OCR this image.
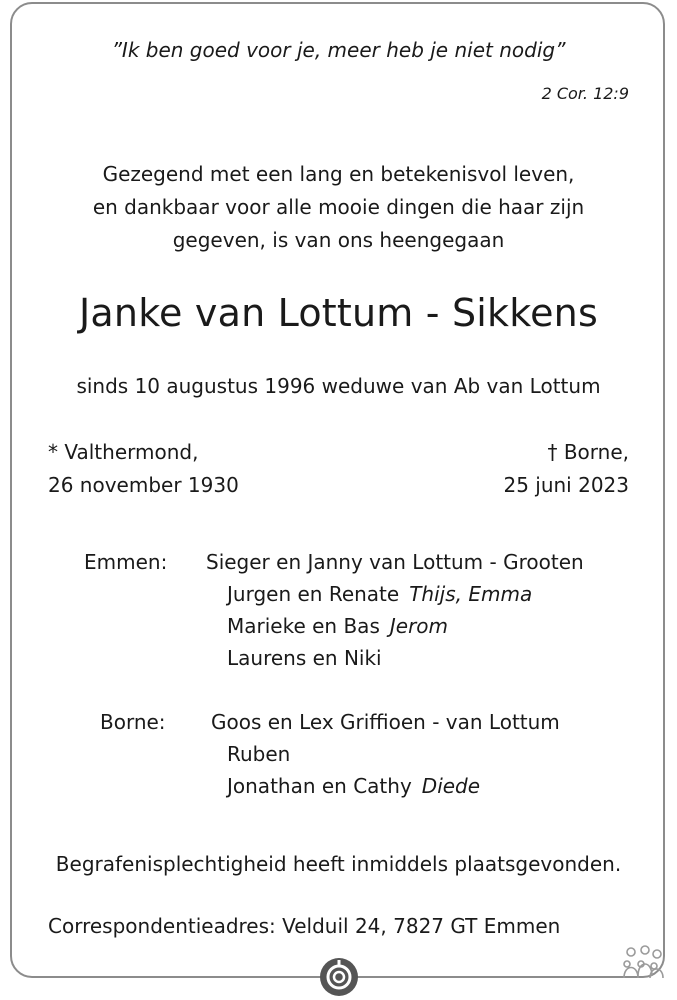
”Ik ben goed voor je, meer heb je niet nodig”
2 Cor. 12:9
Gezegend met een lang en betekenisvol leven,
en dankbaar voor alle mooie dingen die haar zijn
gegeven, is van ons heengegaan
Janke van Lottum - Sikkens
sinds 10 augustus 1996 weduwe van Ab van Lottum
* Valthermond,
26 november 1930
† Borne,
25 juni 2023
Emmen: Sieger en Janny van Lottum - Grooten
Jurgen en Renate Thijs, Emma
Marieke en Bas Jerom
Laurens en Niki
Borne: Goos en Lex Griffioen - van Lottum
Ruben
Jonathan en Cathy Diede
Begrafenisplechtigheid heeft inmiddels plaatsgevonden.
Correspondentieadres: Velduil 24, 7827 GT Emmen
